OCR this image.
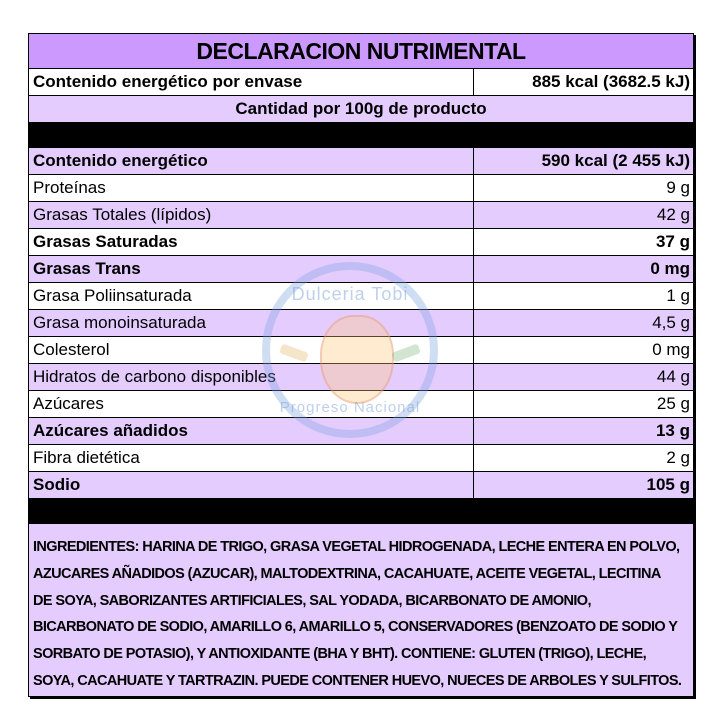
DECLARACION NUTRIMENTAL
Contenido energético por envase	885 kcal (3682.5 kJ)
Cantidad por 100g de producto
Contenido energético	590 kcal (2 455 kJ)
Proteínas	9 g
Grasas Totales (lípidos)	42 g
Grasas Saturadas	37 g
Grasas Trans	0 mg
Grasa Poliinsaturada	1 g
Grasa monoinsaturada	4,5 g
Colesterol	0 mg
Hidratos de carbono disponibles	44 g
Azúcares	25 g
Azúcares añadidos	13 g
Fibra dietética	2 g
Sodio	105 g
INGREDIENTES: HARINA DE TRIGO, GRASA VEGETAL HIDROGENADA, LECHE ENTERA EN POLVO,
AZUCARES AÑADIDOS (AZUCAR), MALTODEXTRINA, CACAHUATE, ACEITE VEGETAL, LECITINA
DE SOYA, SABORIZANTES ARTIFICIALES, SAL YODADA, BICARBONATO DE AMONIO,
BICARBONATO DE SODIO, AMARILLO 6, AMARILLO 5, CONSERVADORES (BENZOATO DE SODIO Y
SORBATO DE POTASIO), Y ANTIOXIDANTE (BHA Y BHT). CONTIENE: GLUTEN (TRIGO), LECHE,
SOYA, CACAHUATE Y TARTRAZIN. PUEDE CONTENER HUEVO, NUECES DE ARBOLES Y SULFITOS.
Dulceria Tobi
Progreso Nacional
